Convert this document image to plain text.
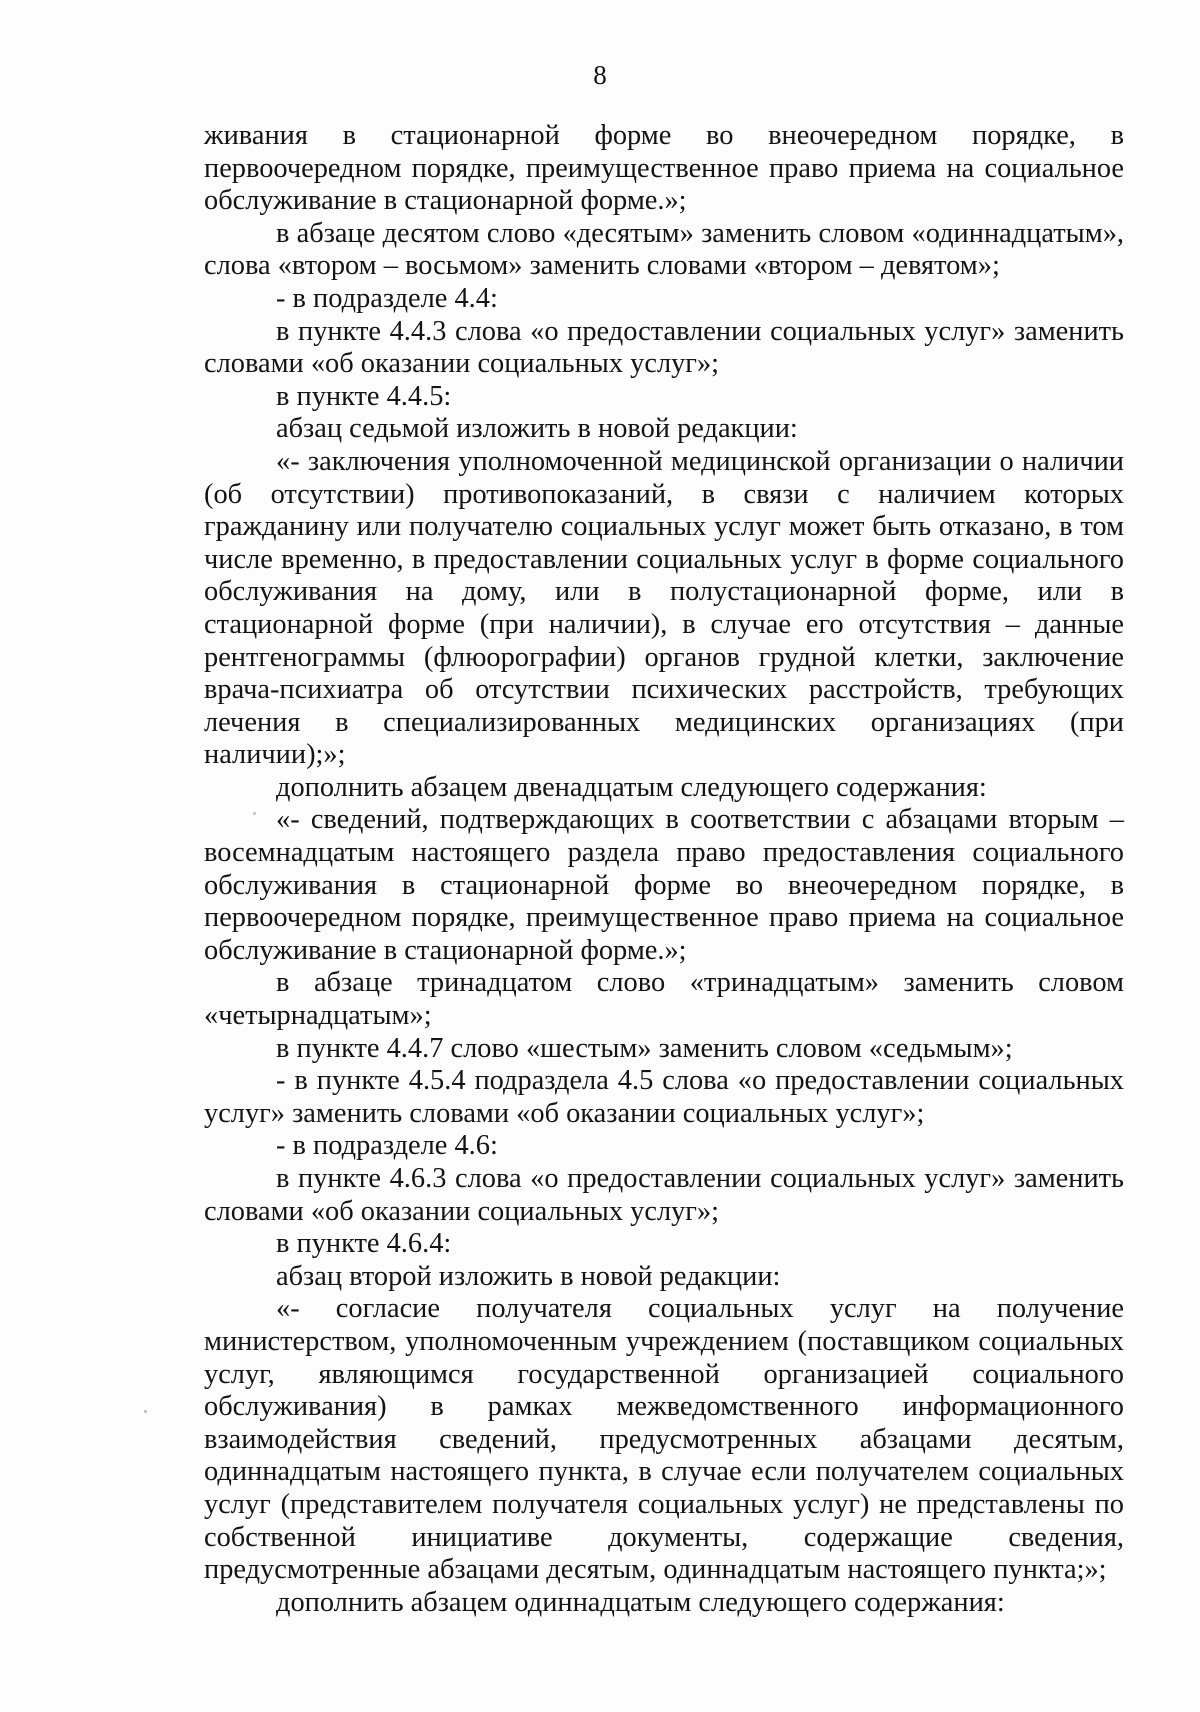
8

живания в стационарной форме во внеочередном порядке, в первоочередном порядке, преимущественное право приема на социальное обслуживание в стационарной форме.»;

в абзаце десятом слово «десятым» заменить словом «одиннадцатым», слова «втором – восьмом» заменить словами «втором – девятом»;

- в подразделе 4.4:

в пункте 4.4.3 слова «о предоставлении социальных услуг» заменить словами «об оказании социальных услуг»;

в пункте 4.4.5:

абзац седьмой изложить в новой редакции:

«- заключения уполномоченной медицинской организации о наличии (об отсутствии) противопоказаний, в связи с наличием которых гражданину или получателю социальных услуг может быть отказано, в том числе временно, в предоставлении социальных услуг в форме социального обслуживания на дому, или в полустационарной форме, или в стационарной форме (при наличии), в случае его отсутствия – данные рентгенограммы (флюорографии) органов грудной клетки, заключение врача-психиатра об отсутствии психических расстройств, требующих лечения в специализированных медицинских организациях (при наличии);»;

дополнить абзацем двенадцатым следующего содержания:

«- сведений, подтверждающих в соответствии с абзацами вторым – восемнадцатым настоящего раздела право предоставления социального обслуживания в стационарной форме во внеочередном порядке, в первоочередном порядке, преимущественное право приема на социальное обслуживание в стационарной форме.»;

в абзаце тринадцатом слово «тринадцатым» заменить словом «четырнадцатым»;

в пункте 4.4.7 слово «шестым» заменить словом «седьмым»;

- в пункте 4.5.4 подраздела 4.5 слова «о предоставлении социальных услуг» заменить словами «об оказании социальных услуг»;

- в подразделе 4.6:

в пункте 4.6.3 слова «о предоставлении социальных услуг» заменить словами «об оказании социальных услуг»;

в пункте 4.6.4:

абзац второй изложить в новой редакции:

«- согласие получателя социальных услуг на получение министерством, уполномоченным учреждением (поставщиком социальных услуг, являющимся государственной организацией социального обслуживания) в рамках межведомственного информационного взаимодействия сведений, предусмотренных абзацами десятым, одиннадцатым настоящего пункта, в случае если получателем социальных услуг (представителем получателя социальных услуг) не представлены по собственной инициативе документы, содержащие сведения, предусмотренные абзацами десятым, одиннадцатым настоящего пункта;»;

дополнить абзацем одиннадцатым следующего содержания:
